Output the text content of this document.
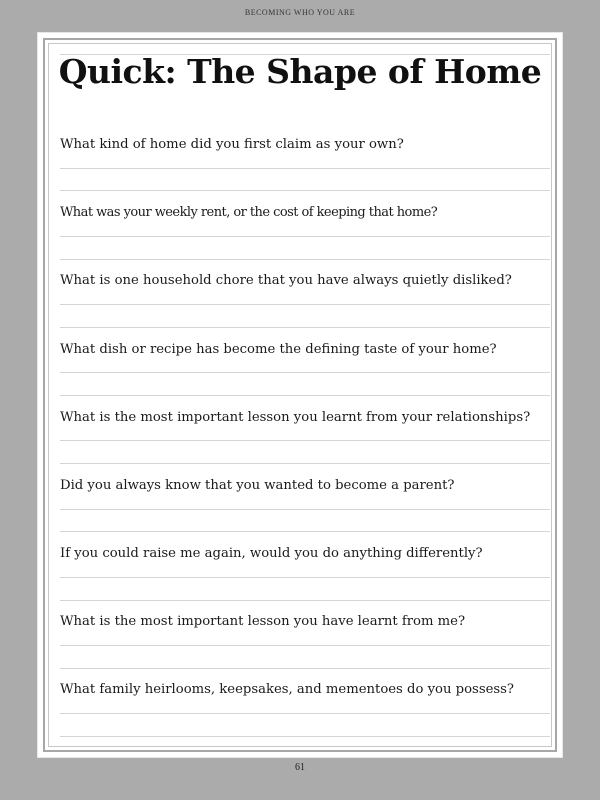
BECOMING WHO YOU ARE
Quick: The Shape of Home
What kind of home did you first claim as your own?
What was your weekly rent, or the cost of keeping that home?
What is one household chore that you have always quietly disliked?
What dish or recipe has become the defining taste of your home?
What is the most important lesson you learnt from your relationships?
Did you always know that you wanted to become a parent?
If you could raise me again, would you do anything differently?
What is the most important lesson you have learnt from me?
What family heirlooms, keepsakes, and mementoes do you possess?
61
